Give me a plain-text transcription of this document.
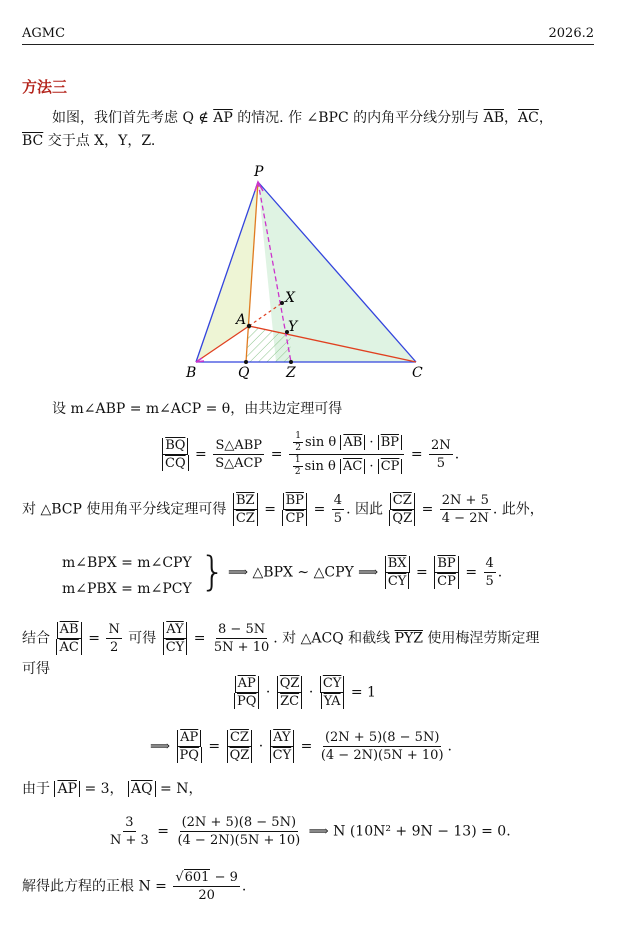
AGMC	2026.2
方法三
如图，我们首先考虑 Q ∉ $\overline{AP}$ 的情况. 作 ∠BPC 的内角平分线分别与 $\overline{AB}$，$\overline{AC}$，
$\overline{BC}$ 交于点 X，Y，Z.
P
X
A	Y
B	Q	Z	C
设 m∠ABP = m∠ACP = θ，由共边定理可得
$\frac{\overline{BQ}}{CQ} = \frac{\text{S△ABP}}{\text{S△ACP}} = \frac{\frac{1}{2} \sin \theta \overline{AB} \cdot \overline{BP}}{\frac{1}{2} \sin \theta \overline{AC} \cdot \overline{CP}} = \frac{2N}{5}$ .
对 △BCP 使用角平分线定理可得 $\frac{\overline{BZ}}{CZ} = \frac{\overline{BP}}{CP} = \frac{4}{5}$ . 因此 $\frac{\overline{CZ}}{QZ} = \frac{2N + 5}{4 - 2N}$ . 此外，
m∠BPX = m∠CPY
m∠PBX = m∠PCY } ⟹ △BPX ∼ △CPY ⟹ $\frac{\overline{BX}}{CY} = \frac{\overline{BP}}{CP} = \frac{4}{5}$ .
结合 $\frac{\overline{AB}}{AC} = \frac{N}{2}$ 可得 $\frac{\overline{AY}}{CY} = \frac{8 - 5N}{5N + 10}$ . 对 △ACQ 和截线 $\overline{PYZ}$ 使用梅涅劳斯定理
可得
$\frac{\overline{AP}}{PQ} \cdot \frac{\overline{QZ}}{ZC} \cdot \frac{\overline{CY}}{YA} = 1$
⟹ $\frac{\overline{AP}}{PQ} = \frac{\overline{CZ}}{QZ} \cdot \frac{\overline{AY}}{CY} = \frac{(2N + 5)(8 - 5N)}{(4 - 2N)(5N + 10)}$ .
由于 $\overline{AP} = 3$， $\overline{AQ} = N$，
$\frac{3}{N + 3} = \frac{(2N + 5)(8 - 5N)}{(4 - 2N)(5N + 10)}$ ⟹ N (10N² + 9N − 13) = 0.
解得此方程的正根 $N = \frac{√601 - 9}{20}$ .
